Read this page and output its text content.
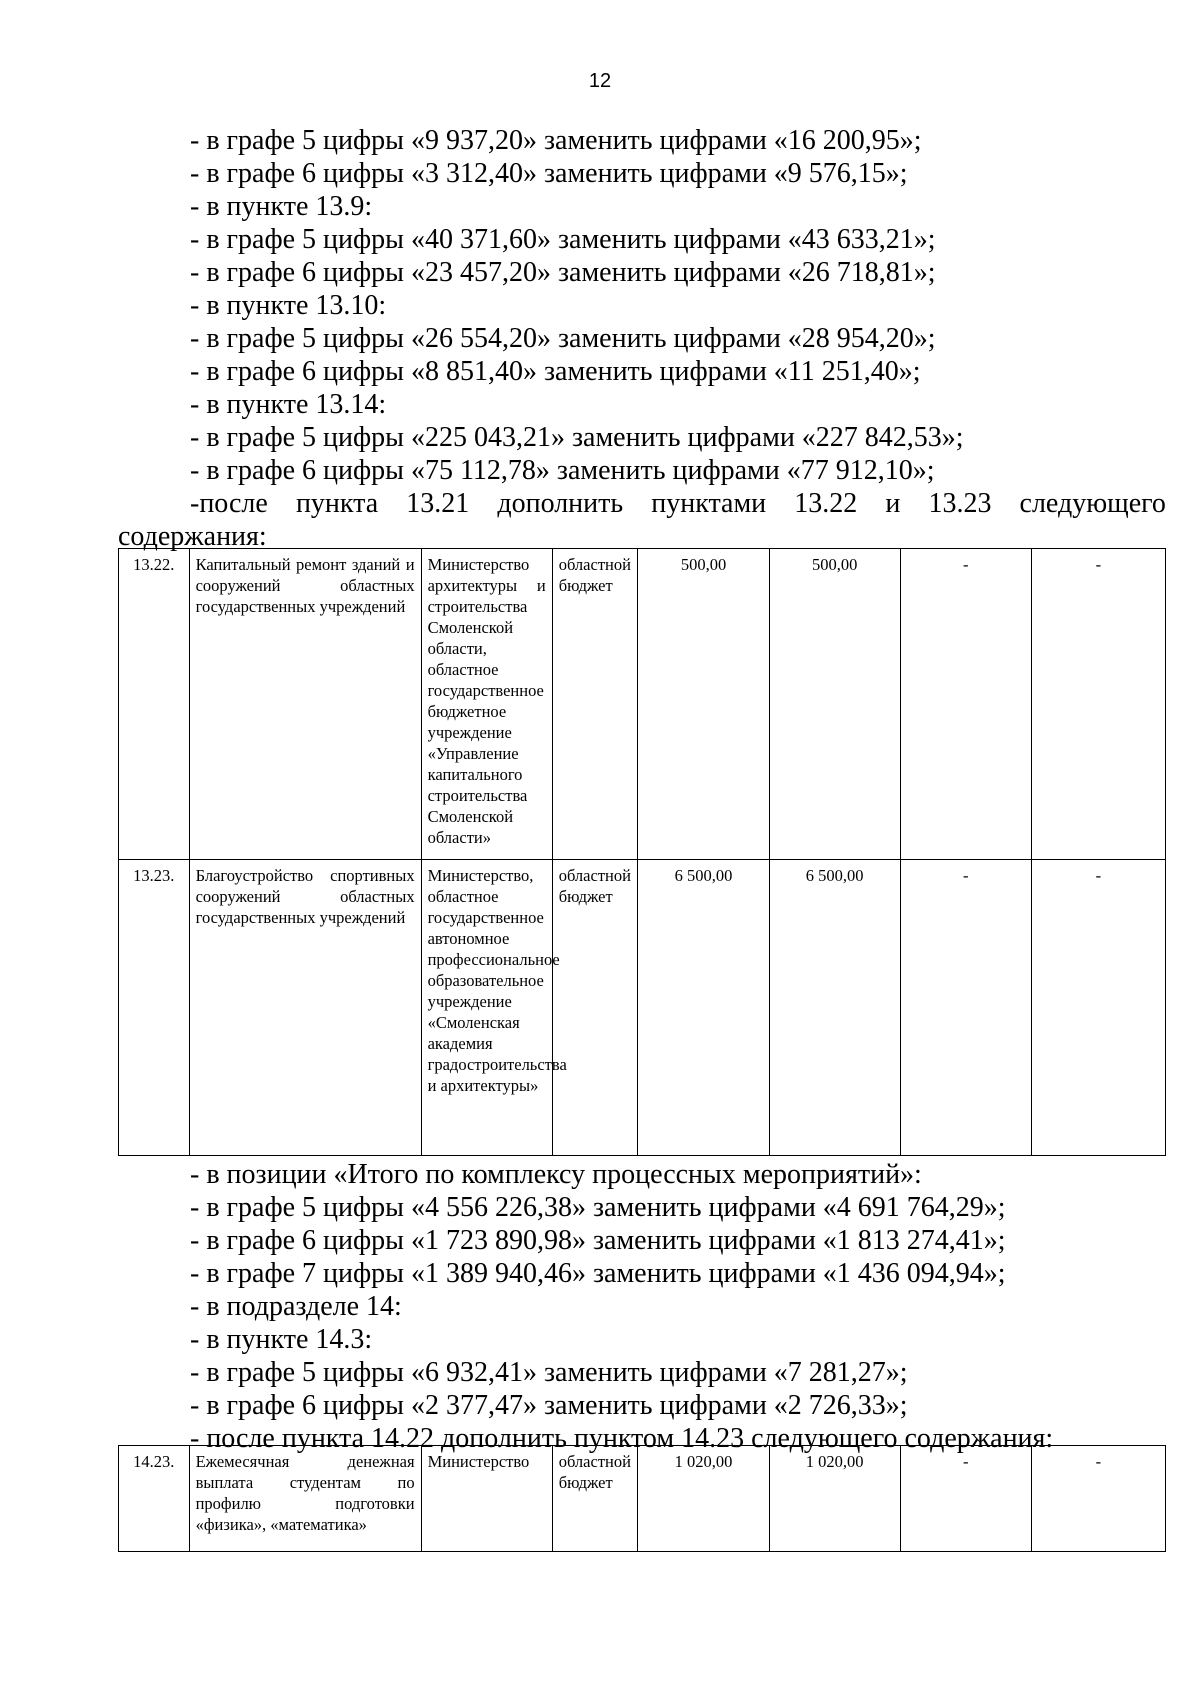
12
- в графе 5 цифры «9 937,20» заменить цифрами «16 200,95»;
- в графе 6 цифры «3 312,40» заменить цифрами «9 576,15»;
- в пункте 13.9:
- в графе 5 цифры «40 371,60» заменить цифрами «43 633,21»;
- в графе 6 цифры «23 457,20» заменить цифрами «26 718,81»;
- в пункте 13.10:
- в графе 5 цифры «26 554,20» заменить цифрами «28 954,20»;
- в графе 6 цифры «8 851,40» заменить цифрами «11 251,40»;
- в пункте 13.14:
- в графе 5 цифры «225 043,21» заменить цифрами «227 842,53»;
- в графе 6 цифры «75 112,78» заменить цифрами «77 912,10»;
-после пункта 13.21 дополнить пунктами 13.22 и 13.23 следующего
содержания:
13.22.	Капитальный ремонт зданий и сооружений областных государственных учреждений	Министерство архитектуры и строительства Смоленской области, областное государственное бюджетное учреждение «Управление капитального строительства Смоленской области»	областной бюджет	500,00	500,00	-	-
13.23.	Благоустройство спортивных сооружений областных государственных учреждений	Министерство, областное государственное автономное профессиональное образовательное учреждение «Смоленская академия градостроительства и архитектуры»	областной бюджет	6 500,00	6 500,00	-	-
- в позиции «Итого по комплексу процессных мероприятий»:
- в графе 5 цифры «4 556 226,38» заменить цифрами «4 691 764,29»;
- в графе 6 цифры «1 723 890,98» заменить цифрами «1 813 274,41»;
- в графе 7 цифры «1 389 940,46» заменить цифрами «1 436 094,94»;
- в подразделе 14:
- в пункте 14.3:
- в графе 5 цифры «6 932,41» заменить цифрами «7 281,27»;
- в графе 6 цифры «2 377,47» заменить цифрами «2 726,33»;
- после пункта 14.22 дополнить пунктом 14.23 следующего содержания:
14.23.	Ежемесячная денежная выплата студентам по профилю подготовки «физика», «математика»	Министерство	областной бюджет	1 020,00	1 020,00	-	-
